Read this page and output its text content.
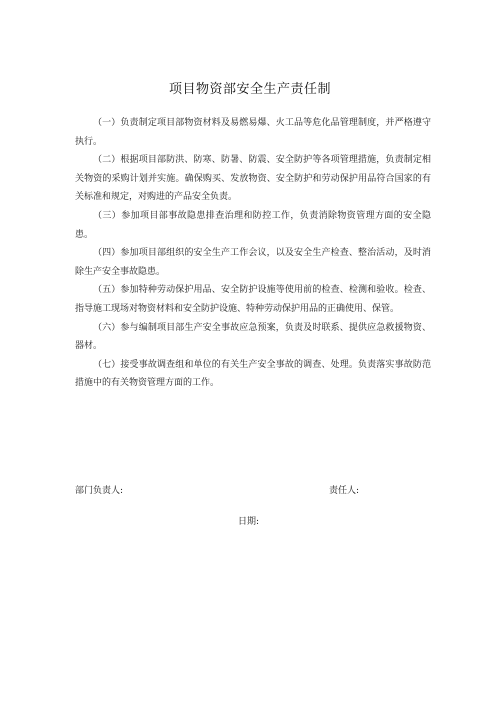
项目物资部安全生产责任制

（一）负责制定项目部物资材料及易燃易爆、火工品等危化品管理制度，并严格遵守执行。

（二）根据项目部防洪、防寒、防暑、防震、安全防护等各项管理措施，负责制定相关物资的采购计划并实施。确保购买、发放物资、安全防护和劳动保护用品符合国家的有关标准和规定，对购进的产品安全负责。

（三）参加项目部事故隐患排查治理和防控工作，负责消除物资管理方面的安全隐患。

（四）参加项目部组织的安全生产工作会议，以及安全生产检查、整治活动，及时消除生产安全事故隐患。

（五）参加特种劳动保护用品、安全防护设施等使用前的检查、检测和验收。检查、指导施工现场对物资材料和安全防护设施、特种劳动保护用品的正确使用、保管。

（六）参与编制项目部生产安全事故应急预案，负责及时联系、提供应急救援物资、器材。

（七）接受事故调查组和单位的有关生产安全事故的调查、处理。负责落实事故防范措施中的有关物资管理方面的工作。

部门负责人:	责任人:
日期:
